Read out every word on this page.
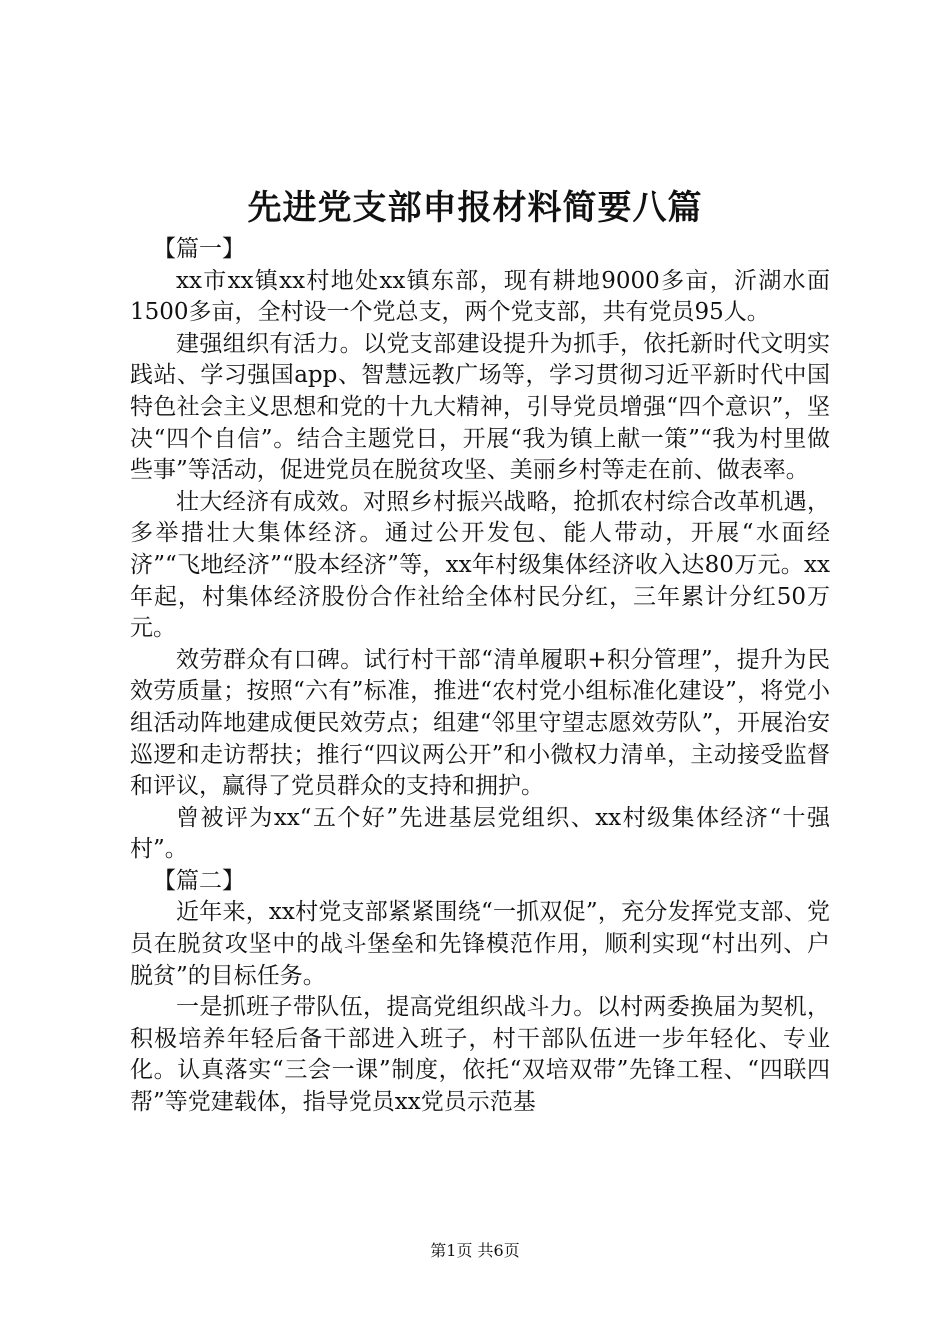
先进党支部申报材料简要八篇

【篇一】

xx市xx镇xx村地处xx镇东部，现有耕地9000多亩，沂湖水面1500多亩，全村设一个党总支，两个党支部，共有党员95人。

建强组织有活力。以党支部建设提升为抓手，依托新时代文明实践站、学习强国app、智慧远教广场等，学习贯彻习近平新时代中国特色社会主义思想和党的十九大精神，引导党员增强“四个意识”，坚决“四个自信”。结合主题党日，开展“我为镇上献一策”“我为村里做些事”等活动，促进党员在脱贫攻坚、美丽乡村等走在前、做表率。

壮大经济有成效。对照乡村振兴战略，抢抓农村综合改革机遇，多举措壮大集体经济。通过公开发包、能人带动，开展“水面经济”“飞地经济”“股本经济”等，xx年村级集体经济收入达80万元。xx年起，村集体经济股份合作社给全体村民分红，三年累计分红50万元。

效劳群众有口碑。试行村干部“清单履职+积分管理”，提升为民效劳质量；按照“六有”标准，推进“农村党小组标准化建设”，将党小组活动阵地建成便民效劳点；组建“邻里守望志愿效劳队”，开展治安巡逻和走访帮扶；推行“四议两公开”和小微权力清单，主动接受监督和评议，赢得了党员群众的支持和拥护。

曾被评为xx“五个好”先进基层党组织、xx村级集体经济“十强村”。

【篇二】

近年来，xx村党支部紧紧围绕“一抓双促”，充分发挥党支部、党员在脱贫攻坚中的战斗堡垒和先锋模范作用，顺利实现“村出列、户脱贫”的目标任务。

一是抓班子带队伍，提高党组织战斗力。以村两委换届为契机，积极培养年轻后备干部进入班子，村干部队伍进一步年轻化、专业化。认真落实“三会一课”制度，依托“双培双带”先锋工程、“四联四帮”等党建载体，指导党员xx党员示范基

第1页 共6页
